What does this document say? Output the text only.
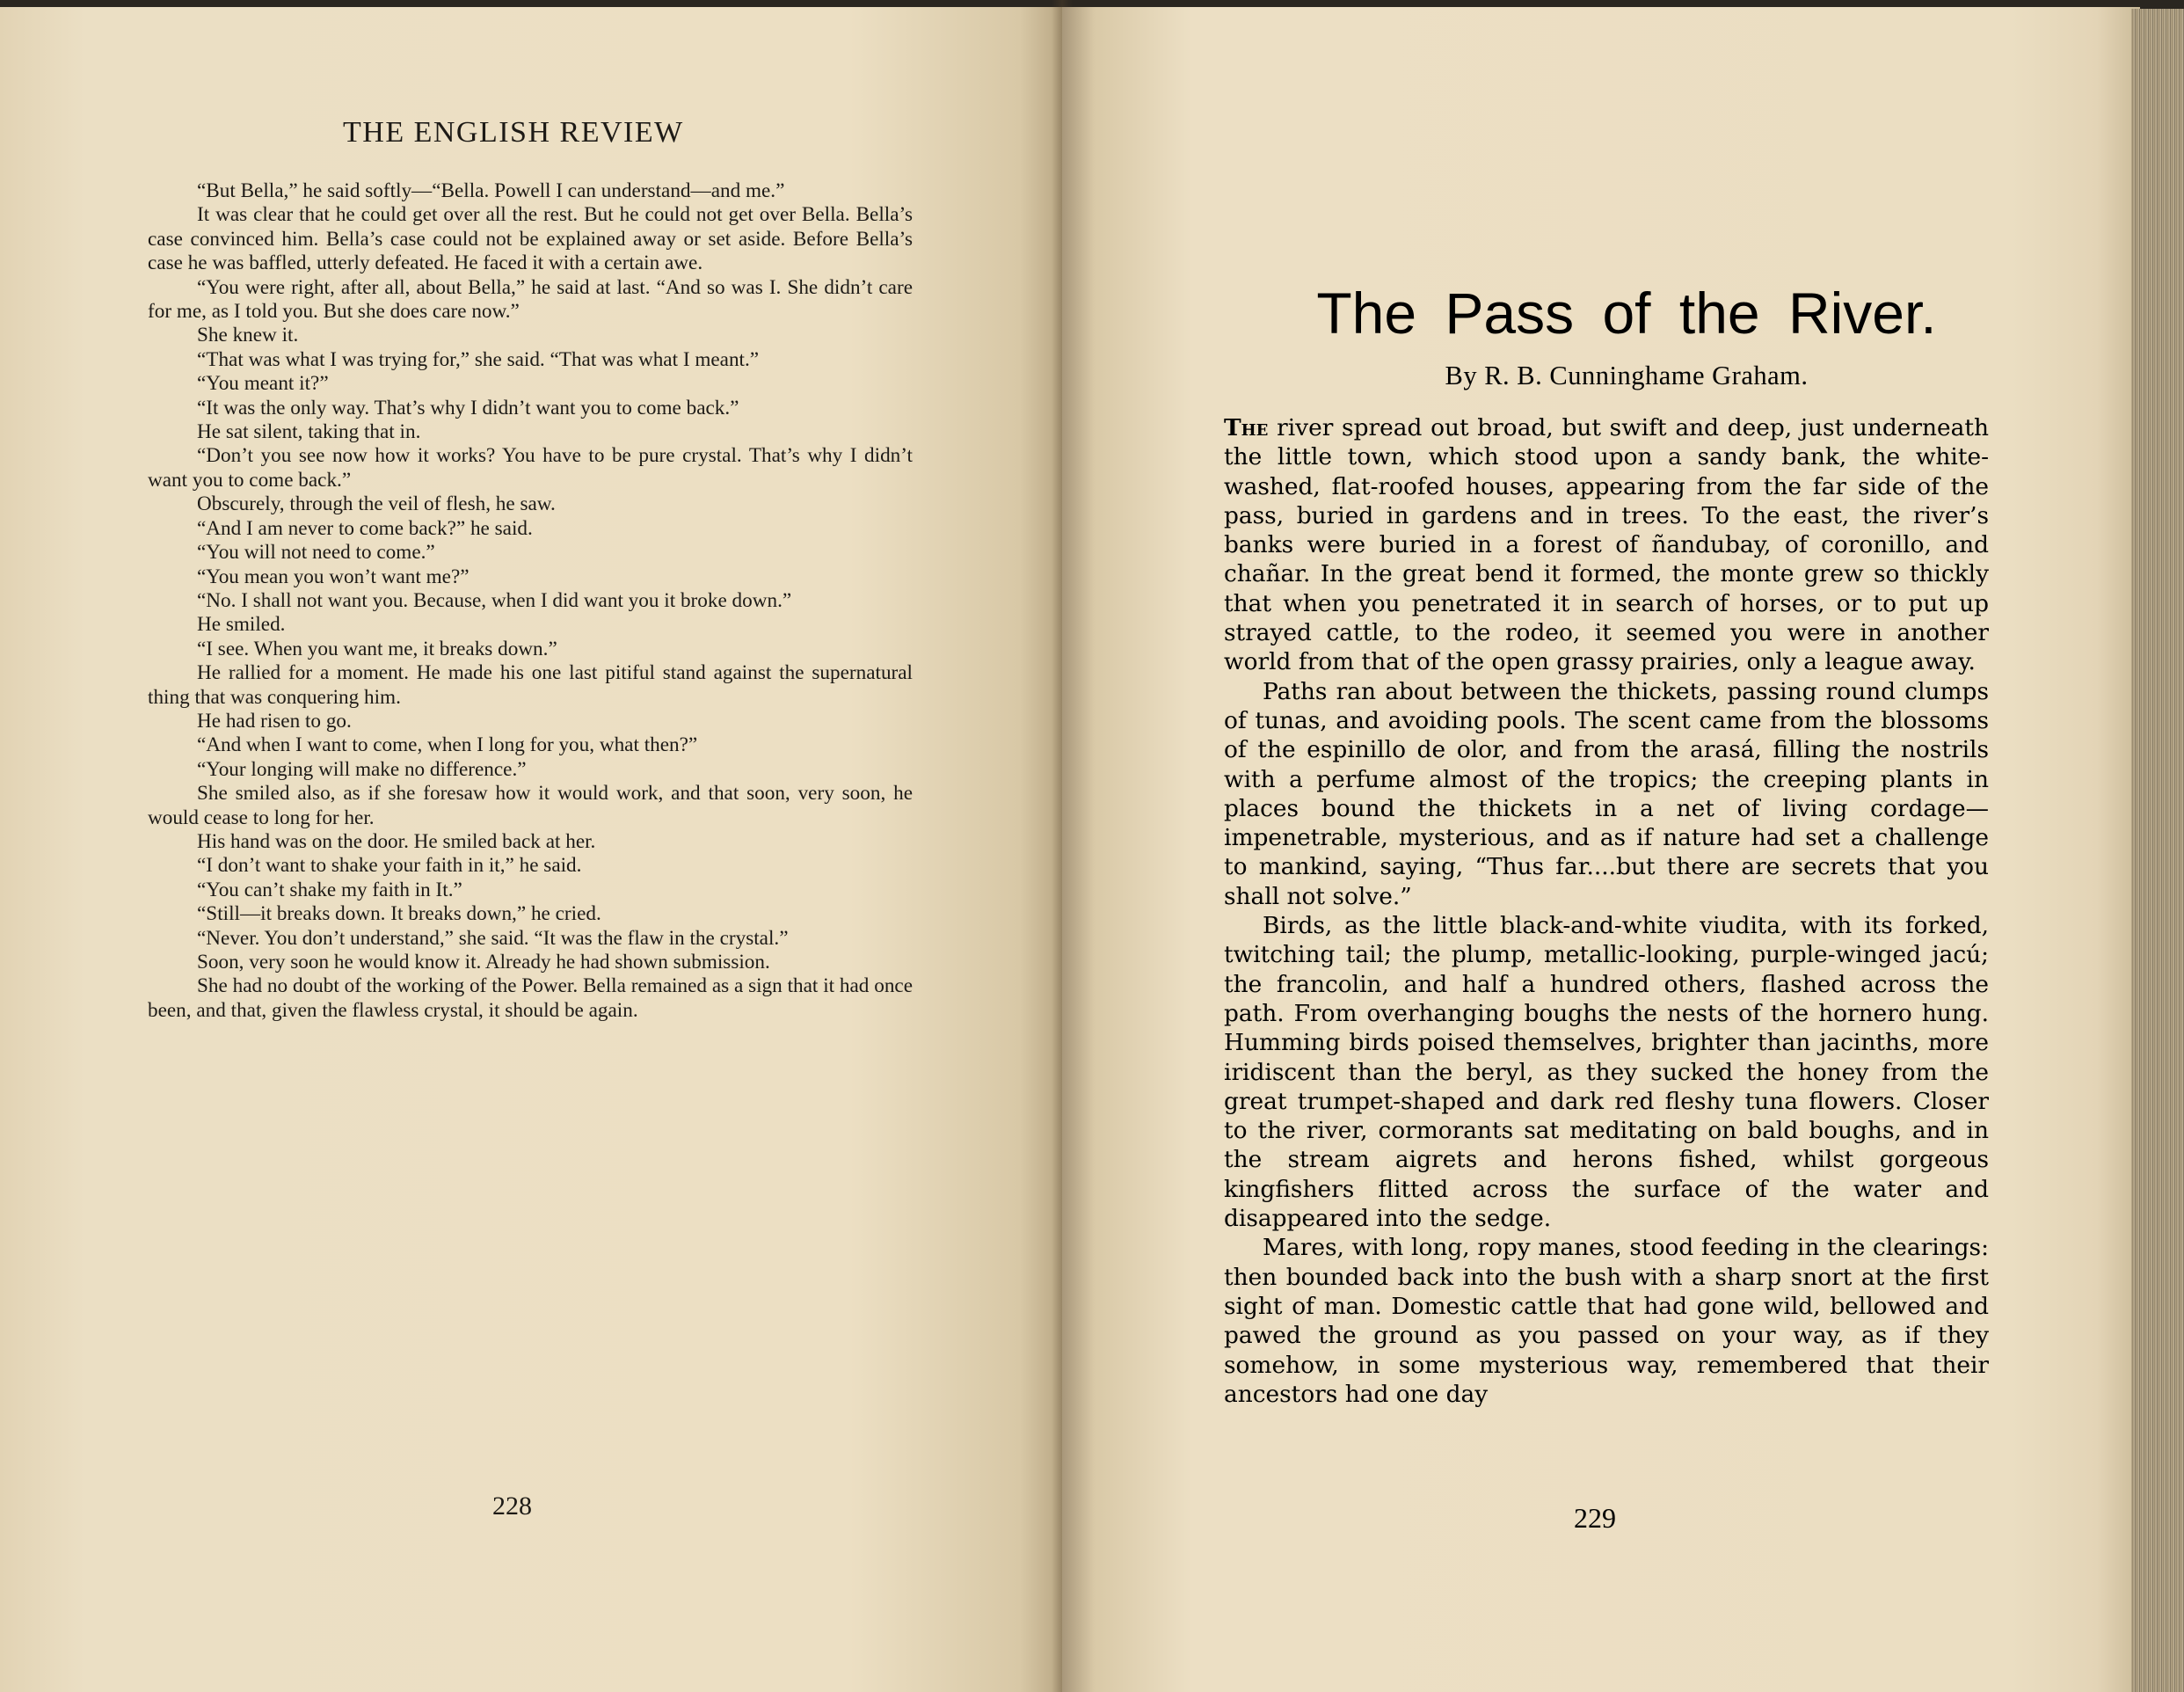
THE ENGLISH REVIEW

“But Bella,” he said softly—“Bella. Powell I can understand—and me.”

It was clear that he could get over all the rest. But he could not get over Bella. Bella’s case convinced him. Bella’s case could not be explained away or set aside. Before Bella’s case he was baffled, utterly defeated. He faced it with a certain awe.

“You were right, after all, about Bella,” he said at last. “And so was I. She didn’t care for me, as I told you. But she does care now.”

She knew it.

“That was what I was trying for,” she said. “That was what I meant.”

“You meant it?”

“It was the only way. That’s why I didn’t want you to come back.”

He sat silent, taking that in.

“Don’t you see now how it works? You have to be pure crystal. That’s why I didn’t want you to come back.”

Obscurely, through the veil of flesh, he saw.

“And I am never to come back?” he said.

“You will not need to come.”

“You mean you won’t want me?”

“No. I shall not want you. Because, when I did want you it broke down.”

He smiled.

“I see. When you want me, it breaks down.”

He rallied for a moment. He made his one last pitiful stand against the supernatural thing that was conquering him.

He had risen to go.

“And when I want to come, when I long for you, what then?”

“Your longing will make no difference.”

She smiled also, as if she foresaw how it would work, and that soon, very soon, he would cease to long for her.

His hand was on the door. He smiled back at her.

“I don’t want to shake your faith in it,” he said.

“You can’t shake my faith in It.”

“Still—it breaks down. It breaks down,” he cried.

“Never. You don’t understand,” she said. “It was the flaw in the crystal.”

Soon, very soon he would know it. Already he had shown submission.

She had no doubt of the working of the Power. Bella remained as a sign that it had once been, and that, given the flawless crystal, it should be again.

228
The Pass of the River.
By R. B. Cunninghame Graham.

The river spread out broad, but swift and deep, just underneath the little town, which stood upon a sandy bank, the white-washed, flat-roofed houses, appearing from the far side of the pass, buried in gardens and in trees. To the east, the river’s banks were buried in a forest of ñandubay, of coronillo, and chañar. In the great bend it formed, the monte grew so thickly that when you penetrated it in search of horses, or to put up strayed cattle, to the rodeo, it seemed you were in another world from that of the open grassy prairies, only a league away.

Paths ran about between the thickets, passing round clumps of tunas, and avoiding pools. The scent came from the blossoms of the espinillo de olor, and from the arasá, filling the nostrils with a perfume almost of the tropics; the creeping plants in places bound the thickets in a net of living cordage—impenetrable, mysterious, and as if nature had set a challenge to mankind, saying, “Thus far....but there are secrets that you shall not solve.”

Birds, as the little black-and-white viudita, with its forked, twitching tail; the plump, metallic-looking, purple-winged jacú; the francolin, and half a hundred others, flashed across the path. From overhanging boughs the nests of the hornero hung. Humming birds poised themselves, brighter than jacinths, more iridiscent than the beryl, as they sucked the honey from the great trumpet-shaped and dark red fleshy tuna flowers. Closer to the river, cormorants sat meditating on bald boughs, and in the stream aigrets and herons fished, whilst gorgeous kingfishers flitted across the surface of the water and disappeared into the sedge.

Mares, with long, ropy manes, stood feeding in the clearings: then bounded back into the bush with a sharp snort at the first sight of man. Domestic cattle that had gone wild, bellowed and pawed the ground as you passed on your way, as if they somehow, in some mysterious way, remembered that their ancestors had one day

229
